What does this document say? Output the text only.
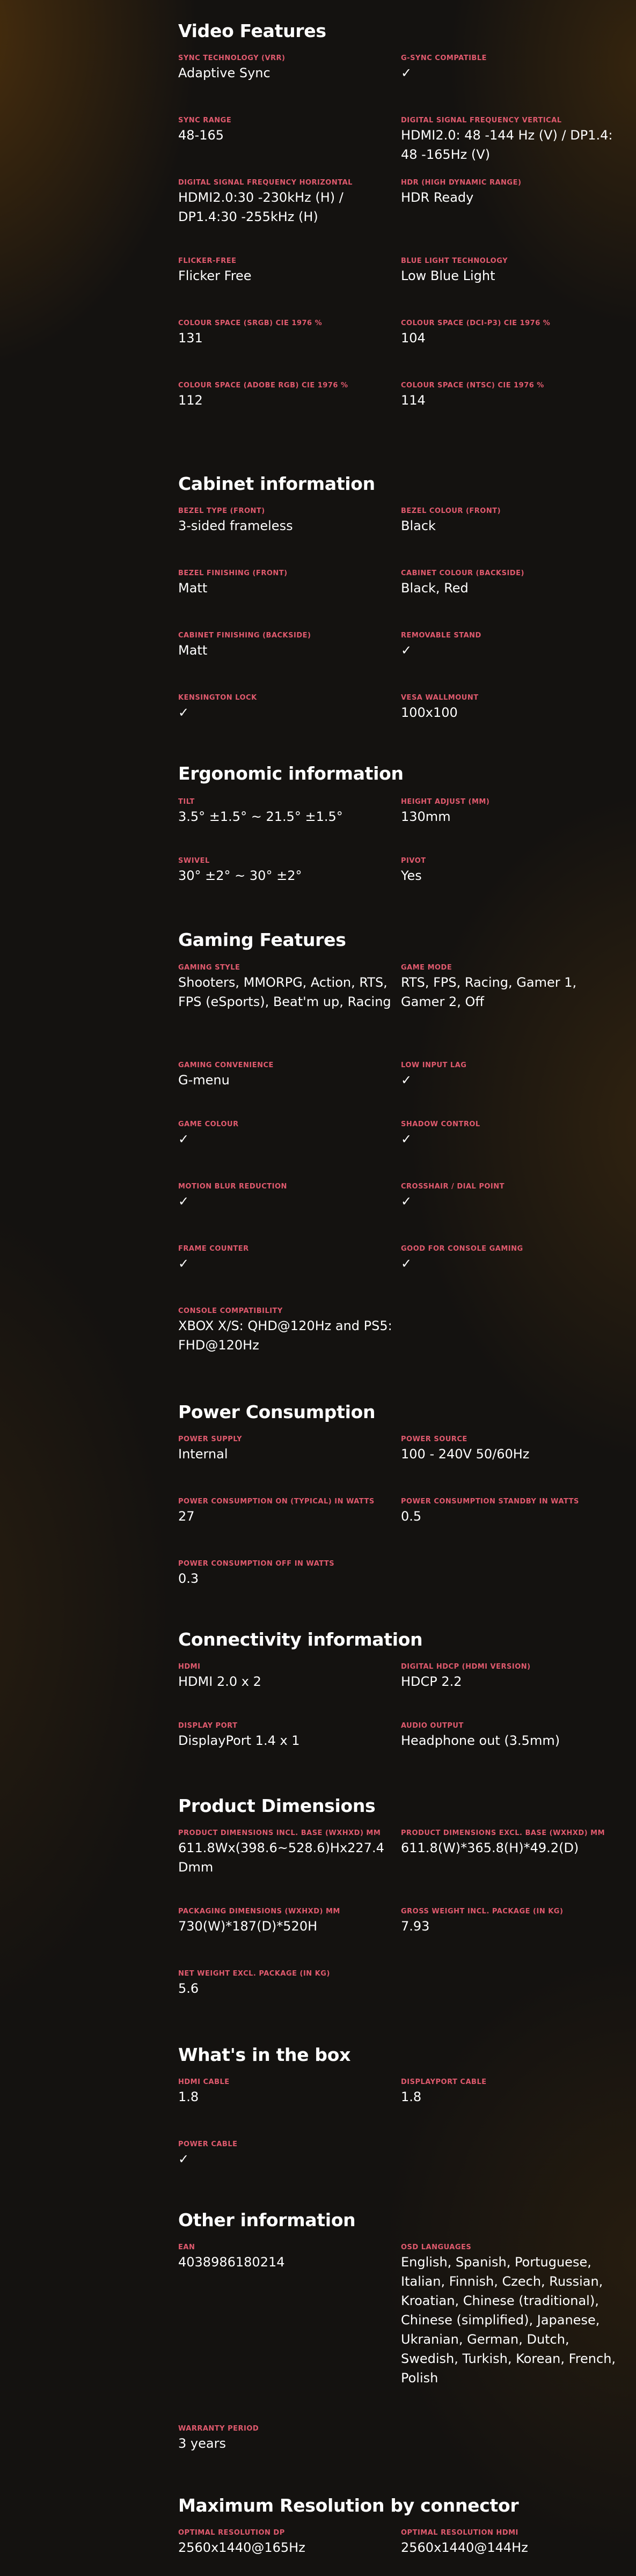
Video Features
SYNC TECHNOLOGY (VRR)
Adaptive Sync
G-SYNC COMPATIBLE
✓
SYNC RANGE
48-165
DIGITAL SIGNAL FREQUENCY VERTICAL
HDMI2.0: 48 -144 Hz (V) / DP1.4: 48 -165Hz (V)
DIGITAL SIGNAL FREQUENCY HORIZONTAL
HDMI2.0:30 -230kHz (H) / DP1.4:30 -255kHz (H)
HDR (HIGH DYNAMIC RANGE)
HDR Ready
FLICKER-FREE
Flicker Free
BLUE LIGHT TECHNOLOGY
Low Blue Light
COLOUR SPACE (SRGB) CIE 1976 %
131
COLOUR SPACE (DCI-P3) CIE 1976 %
104
COLOUR SPACE (ADOBE RGB) CIE 1976 %
112
COLOUR SPACE (NTSC) CIE 1976 %
114
Cabinet information
BEZEL TYPE (FRONT)
3-sided frameless
BEZEL COLOUR (FRONT)
Black
BEZEL FINISHING (FRONT)
Matt
CABINET COLOUR (BACKSIDE)
Black, Red
CABINET FINISHING (BACKSIDE)
Matt
REMOVABLE STAND
✓
KENSINGTON LOCK
✓
VESA WALLMOUNT
100x100
Ergonomic information
TILT
3.5° ±1.5° ~ 21.5° ±1.5°
HEIGHT ADJUST (MM)
130mm
SWIVEL
30° ±2° ~ 30° ±2°
PIVOT
Yes
Gaming Features
GAMING STYLE
Shooters, MMORPG, Action, RTS, FPS (eSports), Beat'm up, Racing
GAME MODE
RTS, FPS, Racing, Gamer 1, Gamer 2, Off
GAMING CONVENIENCE
G-menu
LOW INPUT LAG
✓
GAME COLOUR
✓
SHADOW CONTROL
✓
MOTION BLUR REDUCTION
✓
CROSSHAIR / DIAL POINT
✓
FRAME COUNTER
✓
GOOD FOR CONSOLE GAMING
✓
CONSOLE COMPATIBILITY
XBOX X/S: QHD@120Hz and PS5: FHD@120Hz
Power Consumption
POWER SUPPLY
Internal
POWER SOURCE
100 - 240V 50/60Hz
POWER CONSUMPTION ON (TYPICAL) IN WATTS
27
POWER CONSUMPTION STANDBY IN WATTS
0.5
POWER CONSUMPTION OFF IN WATTS
0.3
Connectivity information
HDMI
HDMI 2.0 x 2
DIGITAL HDCP (HDMI VERSION)
HDCP 2.2
DISPLAY PORT
DisplayPort 1.4 x 1
AUDIO OUTPUT
Headphone out (3.5mm)
Product Dimensions
PRODUCT DIMENSIONS INCL. BASE (WXHXD) MM
611.8Wx(398.6~528.6)Hx227.4Dmm
PRODUCT DIMENSIONS EXCL. BASE (WXHXD) MM
611.8(W)*365.8(H)*49.2(D)
PACKAGING DIMENSIONS (WXHXD) MM
730(W)*187(D)*520H
GROSS WEIGHT INCL. PACKAGE (IN KG)
7.93
NET WEIGHT EXCL. PACKAGE (IN KG)
5.6
What's in the box
HDMI CABLE
1.8
DISPLAYPORT CABLE
1.8
POWER CABLE
✓
Other information
EAN
4038986180214
OSD LANGUAGES
English, Spanish, Portuguese, Italian, Finnish, Czech, Russian, Kroatian, Chinese (traditional), Chinese (simplified), Japanese, Ukranian, German, Dutch, Swedish, Turkish, Korean, French, Polish
WARRANTY PERIOD
3 years
Maximum Resolution by connector
OPTIMAL RESOLUTION DP
2560x1440@165Hz
OPTIMAL RESOLUTION HDMI
2560x1440@144Hz
